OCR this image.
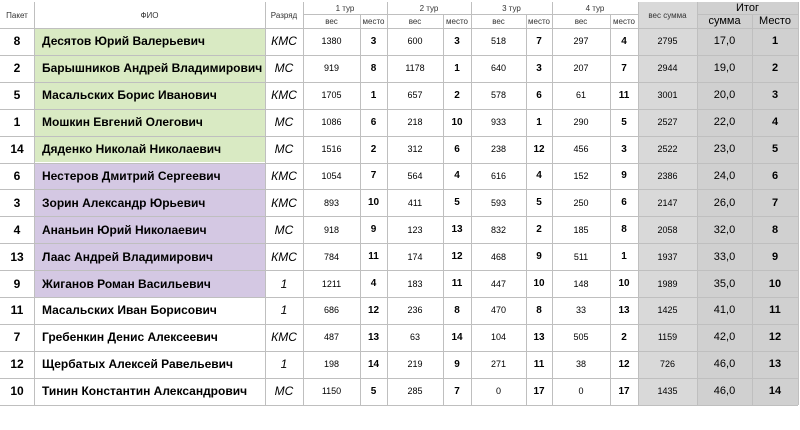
Пакет	ФИО	Разряд
1 тур
вес	место
2 тур
вес	место
3 тур
вес	место
4 тур
вес	место
вес сумма
Итог
сумма	Место
8	Десятов Юрий Валерьевич	КМС	1380	3	600	3	518	7	297	4	2795	17,0	1
2	Барышников Андрей Владимирович	МС	919	8	1178	1	640	3	207	7	2944	19,0	2
5	Масальских Борис Иванович	КМС	1705	1	657	2	578	6	61	11	3001	20,0	3
1	Мошкин Евгений Олегович	МС	1086	6	218	10	933	1	290	5	2527	22,0	4
14	Дяденко Николай Николаевич	МС	1516	2	312	6	238	12	456	3	2522	23,0	5
6	Нестеров Дмитрий Сергеевич	КМС	1054	7	564	4	616	4	152	9	2386	24,0	6
3	Зорин Александр Юрьевич	КМС	893	10	411	5	593	5	250	6	2147	26,0	7
4	Ананьин Юрий Николаевич	МС	918	9	123	13	832	2	185	8	2058	32,0	8
13	Лаас Андрей Владимирович	КМС	784	11	174	12	468	9	511	1	1937	33,0	9
9	Жиганов Роман Васильевич	1	1211	4	183	11	447	10	148	10	1989	35,0	10
11	Масальских Иван Борисович	1	686	12	236	8	470	8	33	13	1425	41,0	11
7	Гребенкин Денис Алексеевич	КМС	487	13	63	14	104	13	505	2	1159	42,0	12
12	Щербатых Алексей Равельевич	1	198	14	219	9	271	11	38	12	726	46,0	13
10	Тинин Константин Александрович	МС	1150	5	285	7	0	17	0	17	1435	46,0	14
